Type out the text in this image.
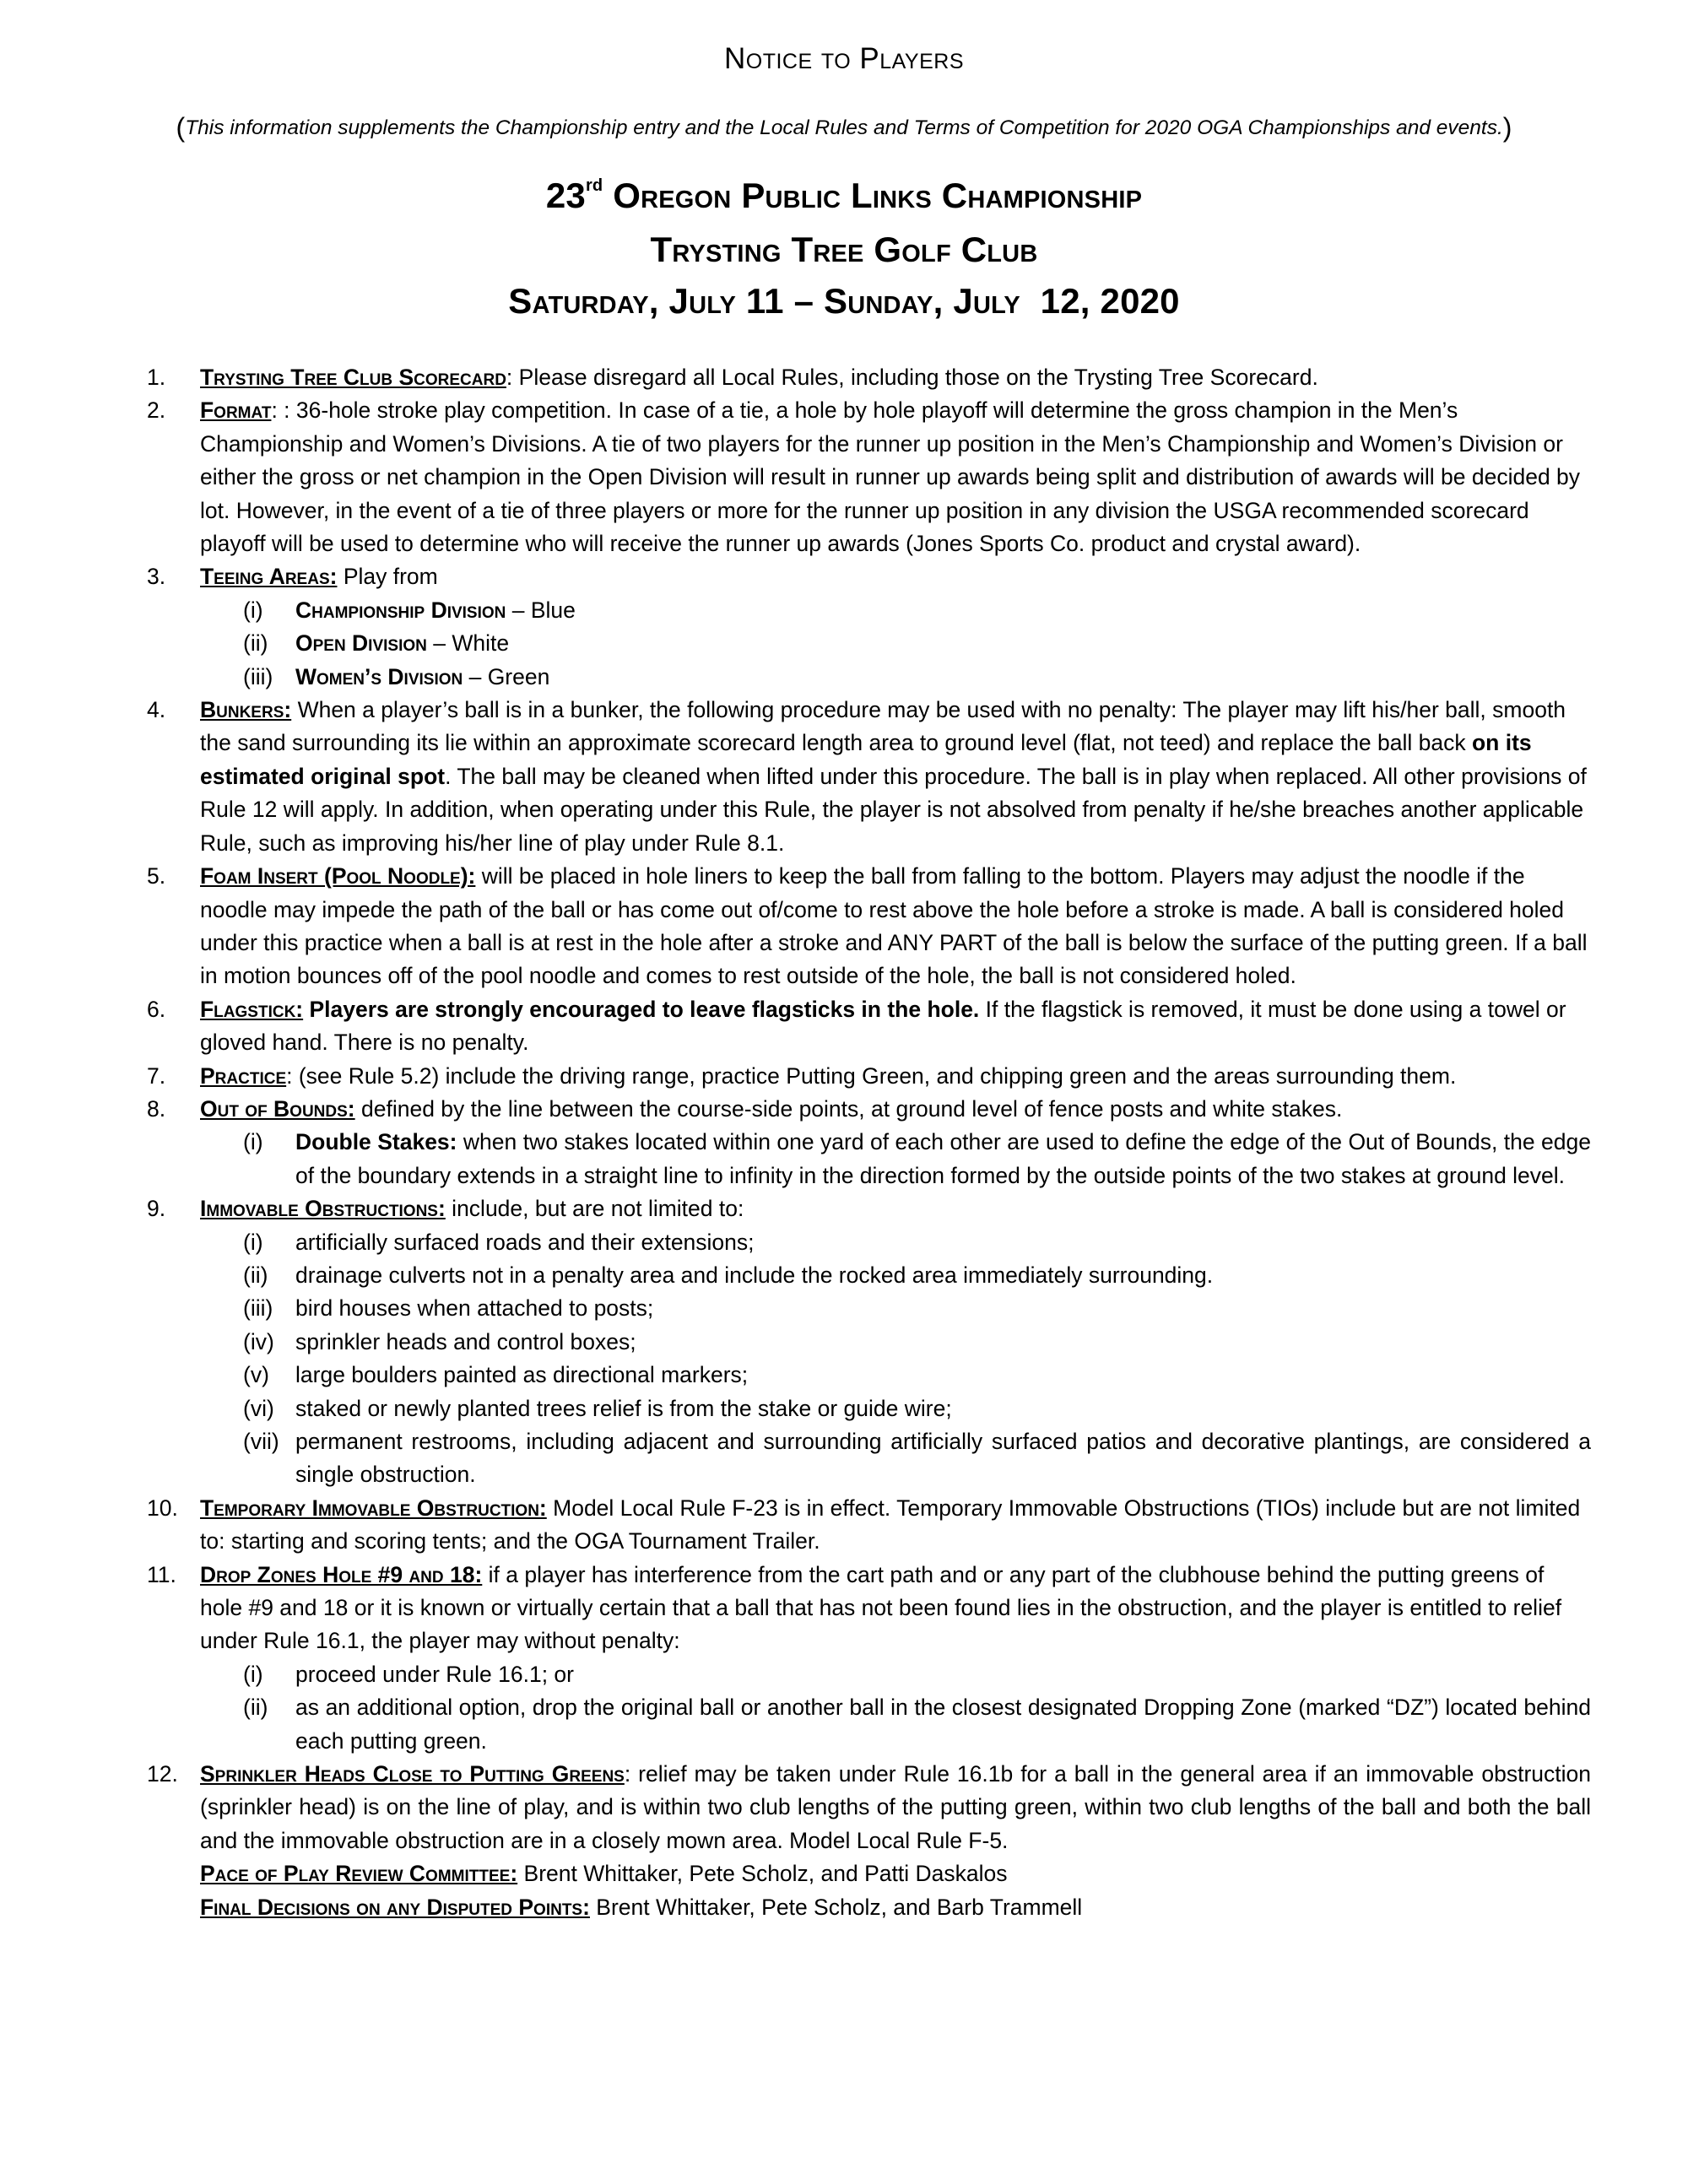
Notice to Players
(This information supplements the Championship entry and the Local Rules and Terms of Competition for 2020 OGA Championships and events.)
23rd Oregon Public Links Championship
Trysting Tree Golf Club
Saturday, July 11 – Sunday, July 12, 2020
1. Trysting Tree Club Scorecard: Please disregard all Local Rules, including those on the Trysting Tree Scorecard.
2. Format: : 36-hole stroke play competition. In case of a tie, a hole by hole playoff will determine the gross champion in the Men’s Championship and Women’s Divisions. A tie of two players for the runner up position in the Men’s Championship and Women’s Division or either the gross or net champion in the Open Division will result in runner up awards being split and distribution of awards will be decided by lot. However, in the event of a tie of three players or more for the runner up position in any division the USGA recommended scorecard playoff will be used to determine who will receive the runner up awards (Jones Sports Co. product and crystal award).
3. Teeing Areas: Play from
(i) Championship Division – Blue
(ii) Open Division – White
(iii) Women’s Division – Green
4. Bunkers: When a player’s ball is in a bunker, the following procedure may be used with no penalty: The player may lift his/her ball, smooth the sand surrounding its lie within an approximate scorecard length area to ground level (flat, not teed) and replace the ball back on its estimated original spot. The ball may be cleaned when lifted under this procedure. The ball is in play when replaced. All other provisions of Rule 12 will apply. In addition, when operating under this Rule, the player is not absolved from penalty if he/she breaches another applicable Rule, such as improving his/her line of play under Rule 8.1.
5. Foam Insert (Pool Noodle): will be placed in hole liners to keep the ball from falling to the bottom. Players may adjust the noodle if the noodle may impede the path of the ball or has come out of/come to rest above the hole before a stroke is made. A ball is considered holed under this practice when a ball is at rest in the hole after a stroke and ANY PART of the ball is below the surface of the putting green. If a ball in motion bounces off of the pool noodle and comes to rest outside of the hole, the ball is not considered holed.
6. Flagstick: Players are strongly encouraged to leave flagsticks in the hole. If the flagstick is removed, it must be done using a towel or gloved hand. There is no penalty.
7. Practice: (see Rule 5.2) include the driving range, practice Putting Green, and chipping green and the areas surrounding them.
8. Out of Bounds: defined by the line between the course-side points, at ground level of fence posts and white stakes.
(i) Double Stakes: when two stakes located within one yard of each other are used to define the edge of the Out of Bounds, the edge of the boundary extends in a straight line to infinity in the direction formed by the outside points of the two stakes at ground level.
9. Immovable Obstructions: include, but are not limited to:
(i) artificially surfaced roads and their extensions;
(ii) drainage culverts not in a penalty area and include the rocked area immediately surrounding.
(iii) bird houses when attached to posts;
(iv) sprinkler heads and control boxes;
(v) large boulders painted as directional markers;
(vi) staked or newly planted trees relief is from the stake or guide wire;
(vii) permanent restrooms, including adjacent and surrounding artificially surfaced patios and decorative plantings, are considered a single obstruction.
10. Temporary Immovable Obstruction: Model Local Rule F-23 is in effect. Temporary Immovable Obstructions (TIOs) include but are not limited to: starting and scoring tents; and the OGA Tournament Trailer.
11. Drop Zones Hole #9 and 18: if a player has interference from the cart path and or any part of the clubhouse behind the putting greens of hole #9 and 18 or it is known or virtually certain that a ball that has not been found lies in the obstruction, and the player is entitled to relief under Rule 16.1, the player may without penalty:
(i) proceed under Rule 16.1; or
(ii) as an additional option, drop the original ball or another ball in the closest designated Dropping Zone (marked “DZ”) located behind each putting green.
12. Sprinkler Heads Close to Putting Greens: relief may be taken under Rule 16.1b for a ball in the general area if an immovable obstruction (sprinkler head) is on the line of play, and is within two club lengths of the putting green, within two club lengths of the ball and both the ball and the immovable obstruction are in a closely mown area. Model Local Rule F-5.
Pace of Play Review Committee: Brent Whittaker, Pete Scholz, and Patti Daskalos
Final Decisions on any Disputed Points: Brent Whittaker, Pete Scholz, and Barb Trammell
